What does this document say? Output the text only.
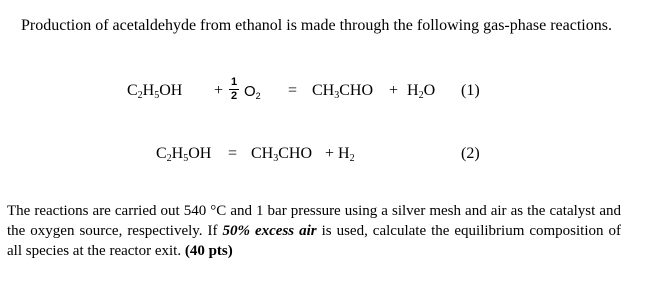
Production of acetaldehyde from ethanol is made through the following gas-phase reactions.
$C_2H_5OH + 1$
2 $O_2 = CH_3CHO + H_2O$ (1)
$C_2H_5OH = CH_3CHO + H_2$	(2)
The reactions are carried out 540 °C and 1 bar pressure using a silver mesh and air as the catalyst and the oxygen source, respectively. If 50% excess air is used, calculate the equilibrium composition of all species at the reactor exit. (40 pts)
